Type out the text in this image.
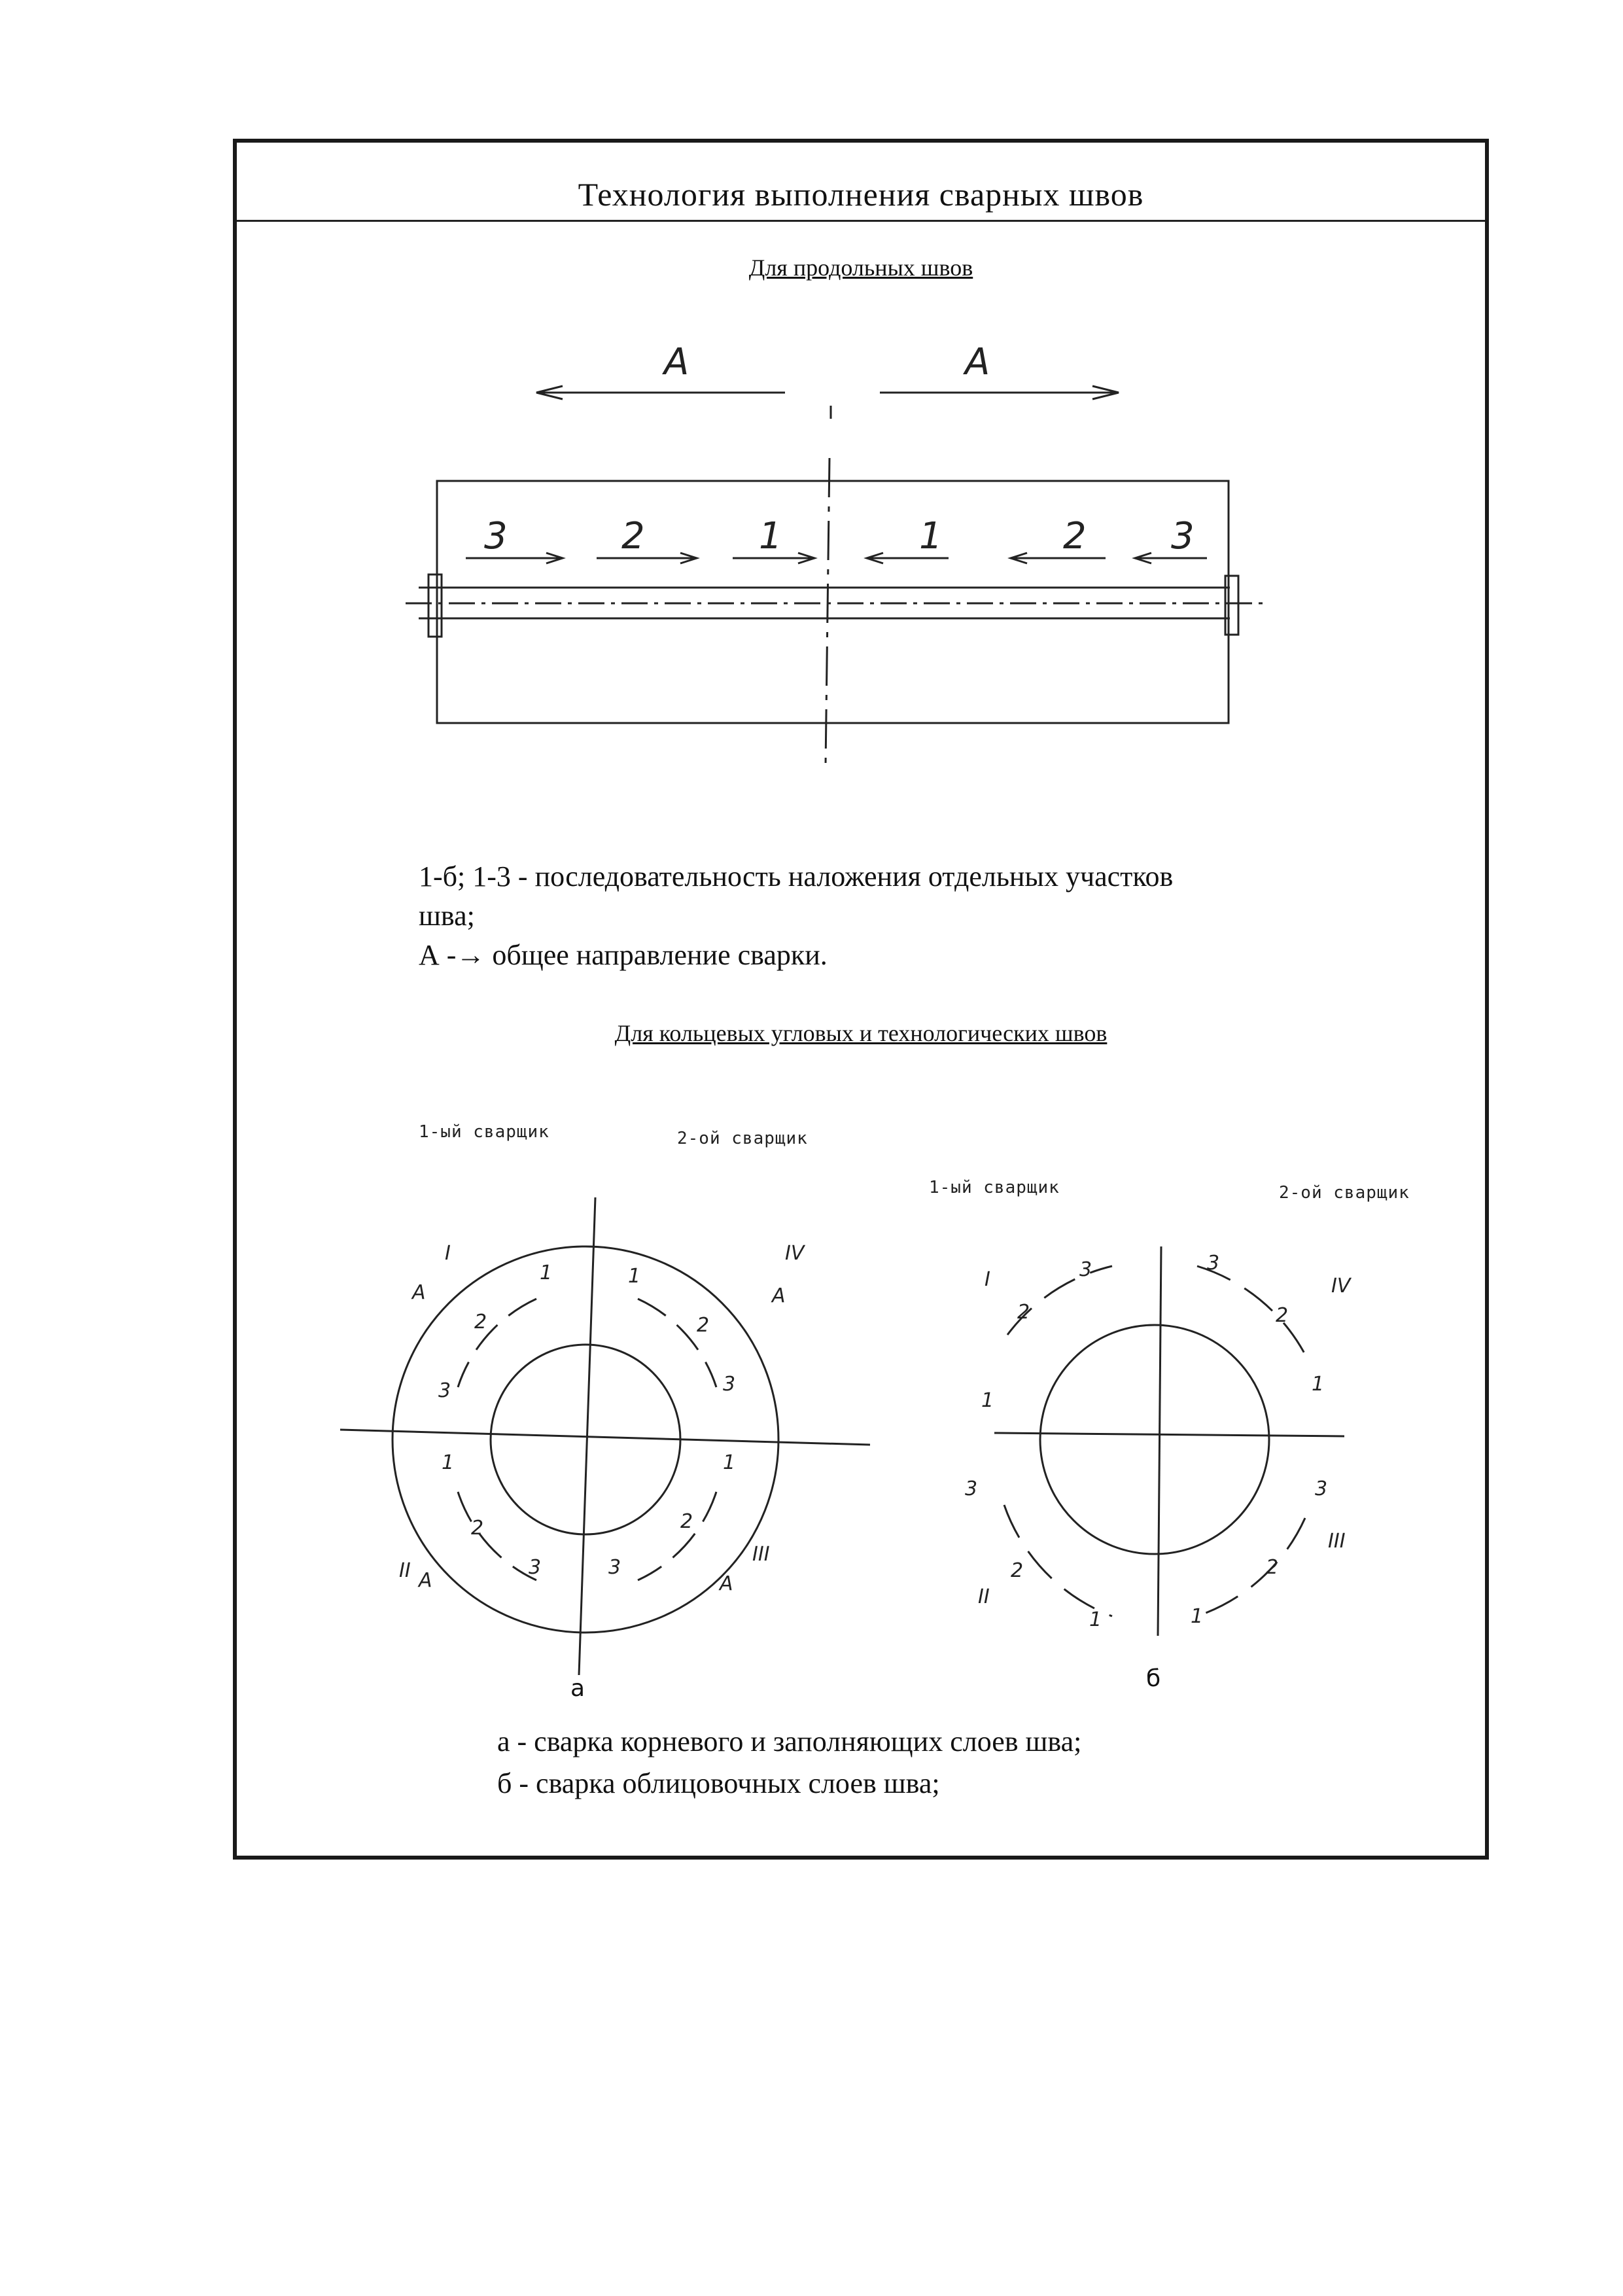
Технология выполнения сварных швов
Для продольных швов
Для кольцевых угловых и технологических швов
А	А
3	2	1	1	2 3
1-б; 1-3 - последовательность наложения отдельных участков
шва;
А -→ общее направление сварки.
1-ый сварщик	2-ой сварщик
1-ый сварщик	2-ой сварщик
I	IV
II
III
А	А
А	А
1
2
3
1
2
3
1
2
3
1
2
3
I	IV
II
III
3
2
1
3
2
1
3
2
1
3
2
1
а	б
а - сварка корневого и заполняющих слоев шва;
б - сварка облицовочных слоев шва;
